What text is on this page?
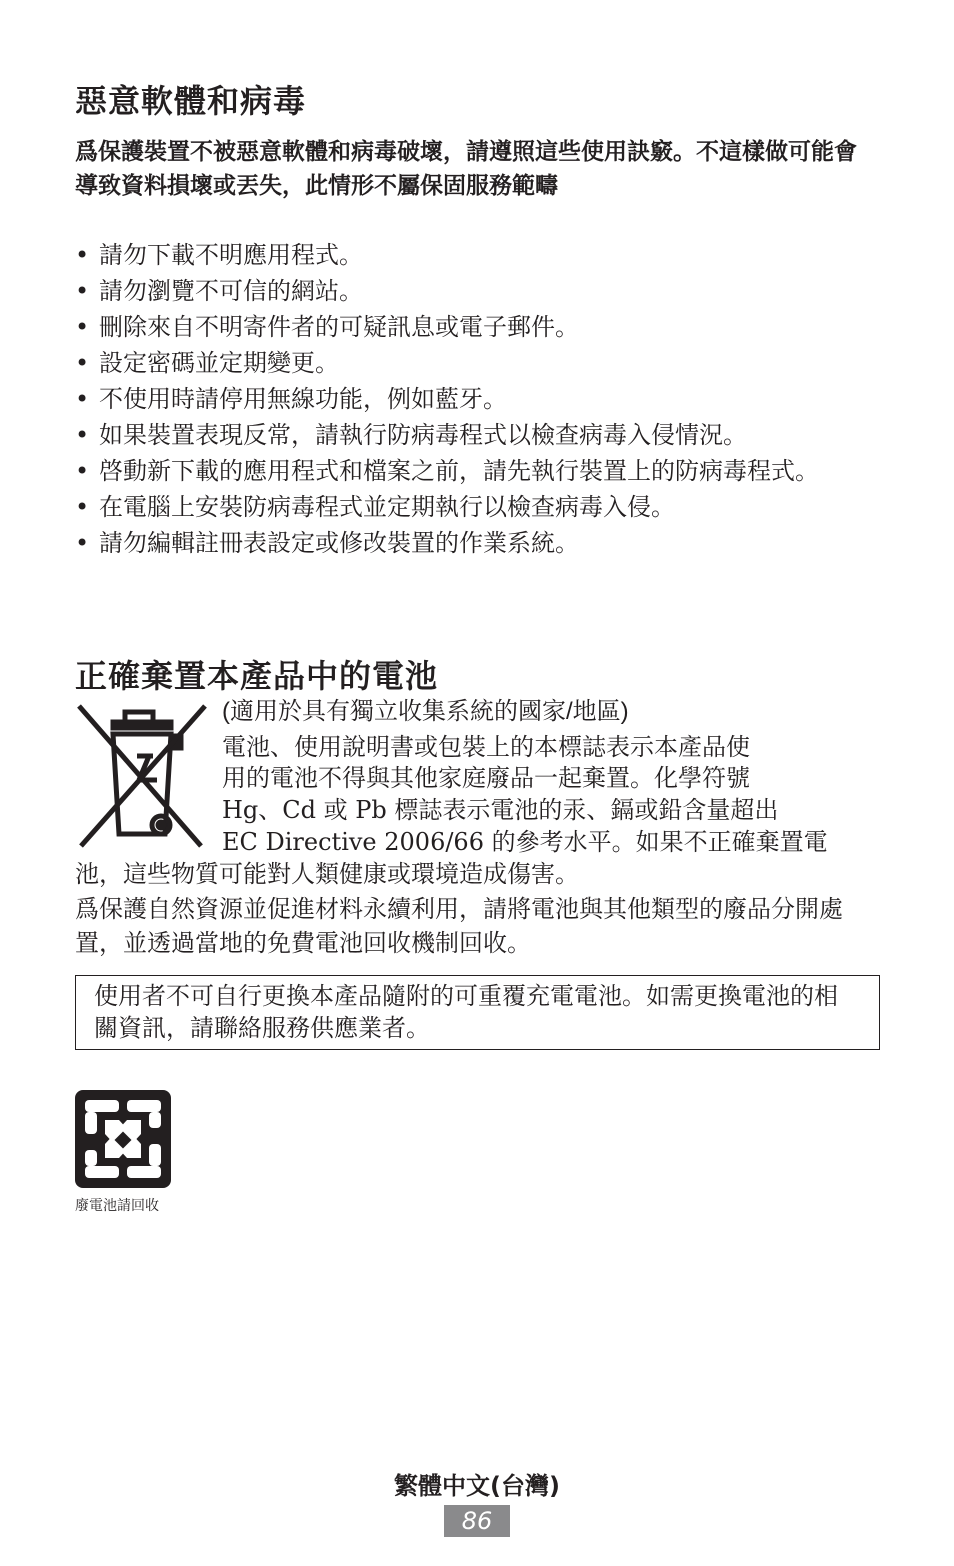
惡意軟體和病毒
爲保護裝置不被惡意軟體和病毒破壞，請遵照這些使用訣竅。不這樣做可能會導致資料損壞或丟失，此情形不屬保固服務範疇
• 請勿下載不明應用程式。
• 請勿瀏覽不可信的網站。
• 刪除來自不明寄件者的可疑訊息或電子郵件。
• 設定密碼並定期變更。
• 不使用時請停用無線功能，例如藍牙。
• 如果裝置表現反常，請執行防病毒程式以檢查病毒入侵情況。
• 啓動新下載的應用程式和檔案之前，請先執行裝置上的防病毒程式。
• 在電腦上安裝防病毒程式並定期執行以檢查病毒入侵。
• 請勿編輯註冊表設定或修改裝置的作業系統。
正確棄置本產品中的電池
(適用於具有獨立收集系統的國家/地區)
電池、使用說明書或包裝上的本標誌表示本產品使
用的電池不得與其他家庭廢品一起棄置。化學符號
Hg、Cd 或 Pb 標誌表示電池的汞、鎘或鉛含量超出
EC Directive 2006/66 的參考水平。如果不正確棄置電
池，這些物質可能對人類健康或環境造成傷害。
爲保護自然資源並促進材料永續利用，請將電池與其他類型的廢品分開處置，並透過當地的免費電池回收機制回收。
使用者不可自行更換本產品隨附的可重覆充電電池。如需更換電池的相關資訊，請聯絡服務供應業者。
廢電池請回收
繁體中文(台灣)
86
